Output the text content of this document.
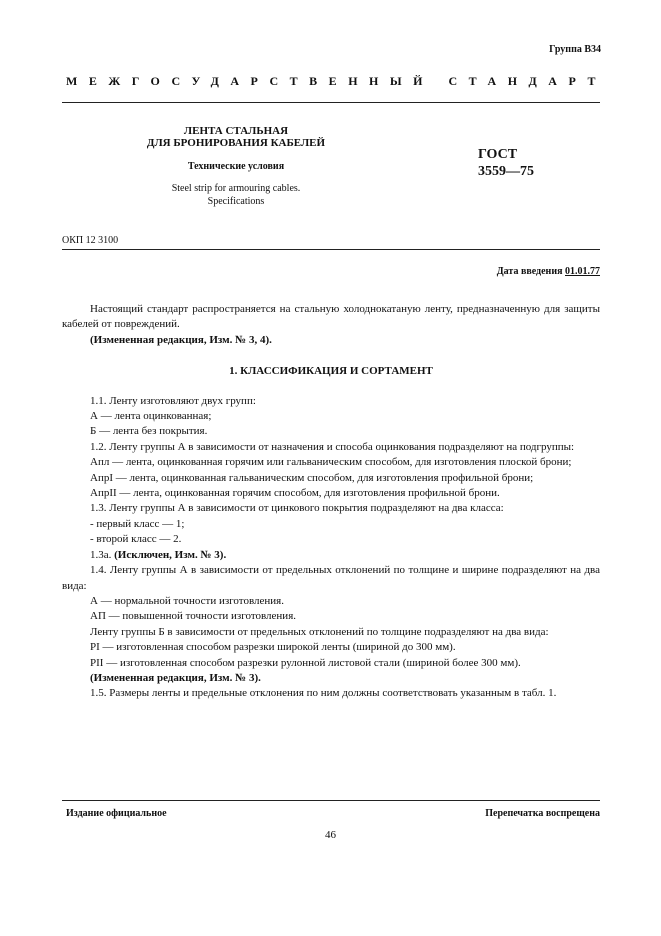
Группа В34
МЕЖГОСУДАРСТВЕННЫЙ СТАНДАРТ
ЛЕНТА СТАЛЬНАЯ
ДЛЯ БРОНИРОВАНИЯ КАБЕЛЕЙ
Технические условия
Steel strip for armouring cables.
Specifications
ГОСТ
3559—75
ОКП 12 3100
Дата введения 01.01.77

Настоящий стандарт распространяется на стальную холоднокатаную ленту, предназначенную для защиты кабелей от повреждений.

(Измененная редакция, Изм. № 3, 4).

1. КЛАССИФИКАЦИЯ И СОРТАМЕНТ

1.1. Ленту изготовляют двух групп:

А — лента оцинкованная;

Б — лента без покрытия.

1.2. Ленту группы А в зависимости от назначения и способа оцинкования подразделяют на подгруппы:

Апл — лента, оцинкованная горячим или гальваническим способом, для изготовления плоской брони;

АпрI — лента, оцинкованная гальваническим способом, для изготовления профильной брони;

АпрII — лента, оцинкованная горячим способом, для изготовления профильной брони.

1.3. Ленту группы А в зависимости от цинкового покрытия подразделяют на два класса:

- первый класс — 1;

- второй класс — 2.

1.3а. (Исключен, Изм. № 3).

1.4. Ленту группы А в зависимости от предельных отклонений по толщине и ширине подразделяют на два вида:

А — нормальной точности изготовления.

АП — повышенной точности изготовления.

Ленту группы Б в зависимости от предельных отклонений по толщине подразделяют на два вида:

PI — изготовленная способом разрезки широкой ленты (шириной до 300 мм).

PII — изготовленная способом разрезки рулонной листовой стали (шириной более 300 мм).

(Измененная редакция, Изм. № 3).

1.5. Размеры ленты и предельные отклонения по ним должны соответствовать указанным в табл. 1.

Издание официальное	Перепечатка воспрещена
46
